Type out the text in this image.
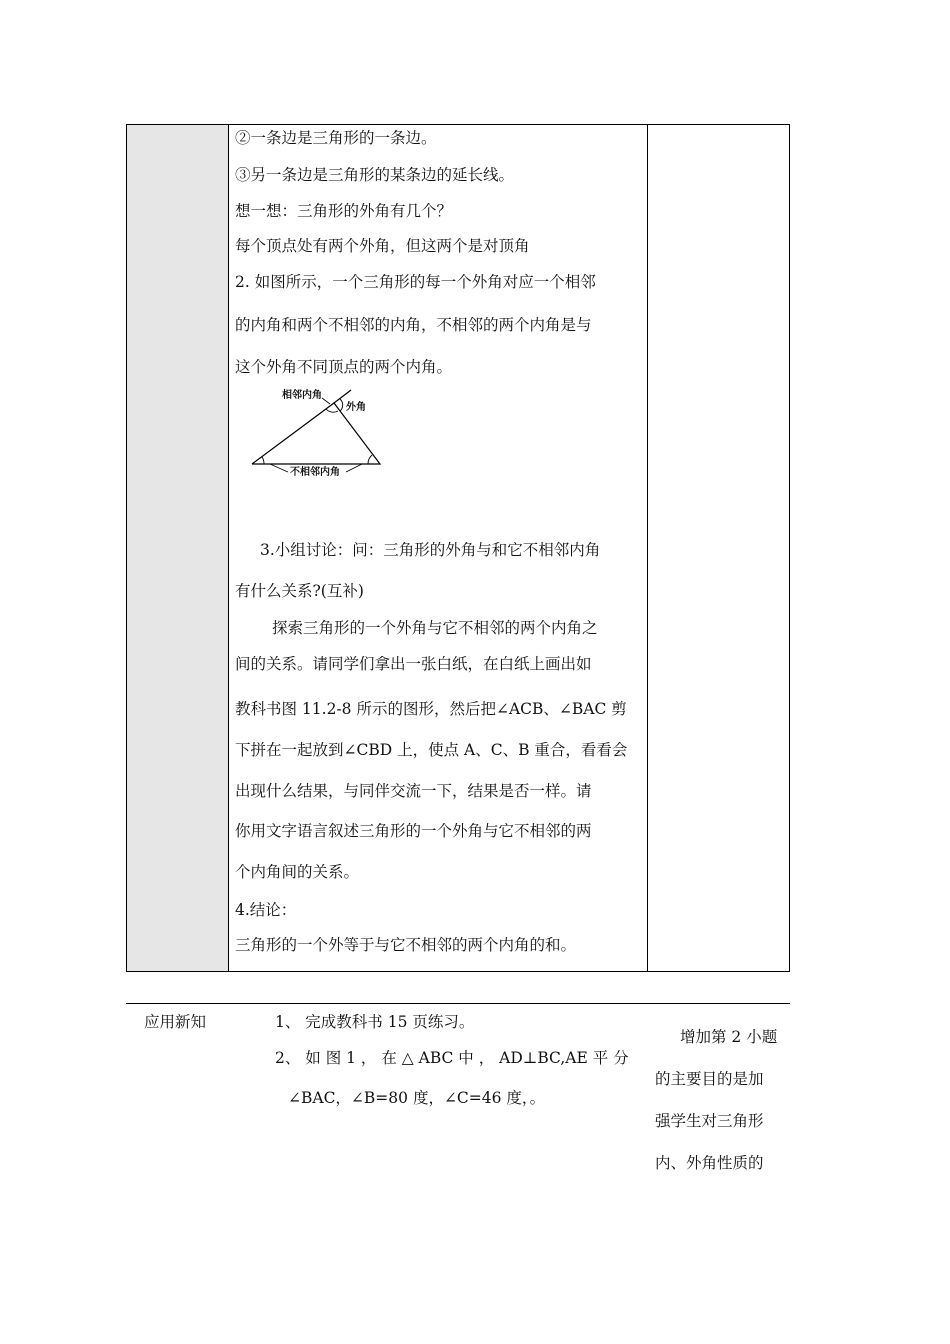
②一条边是三角形的一条边。
③另一条边是三角形的某条边的延长线。
想一想：三角形的外角有几个？
每个顶点处有两个外角，但这两个是对顶角
2. 如图所示，一个三角形的每一个外角对应一个相邻
的内角和两个不相邻的内角，不相邻的两个内角是与
这个外角不同顶点的两个内角。
相邻内角
外角
不相邻内角
3.小组讨论：问：三角形的外角与和它不相邻内角
有什么关系?(互补)
探索三角形的一个外角与它不相邻的两个内角之
间的关系。请同学们拿出一张白纸，在白纸上画出如
教科书图 11.2-8 所示的图形，然后把∠ACB、∠BAC 剪
下拼在一起放到∠CBD 上，使点 A、C、B 重合，看看会
出现什么结果，与同伴交流一下，结果是否一样。请
你用文字语言叙述三角形的一个外角与它不相邻的两
个内角间的关系。
4.结论：
三角形的一个外等于与它不相邻的两个内角的和。
应用新知	1、 完成教科书 15 页练习。
2、 如 图 1 ， 在 △ ABC 中 ， AD⊥BC,AE 平 分
∠BAC，∠B=80 度，∠C=46 度，。
增加第 2 小题
的主要目的是加
强学生对三角形
内、外角性质的
